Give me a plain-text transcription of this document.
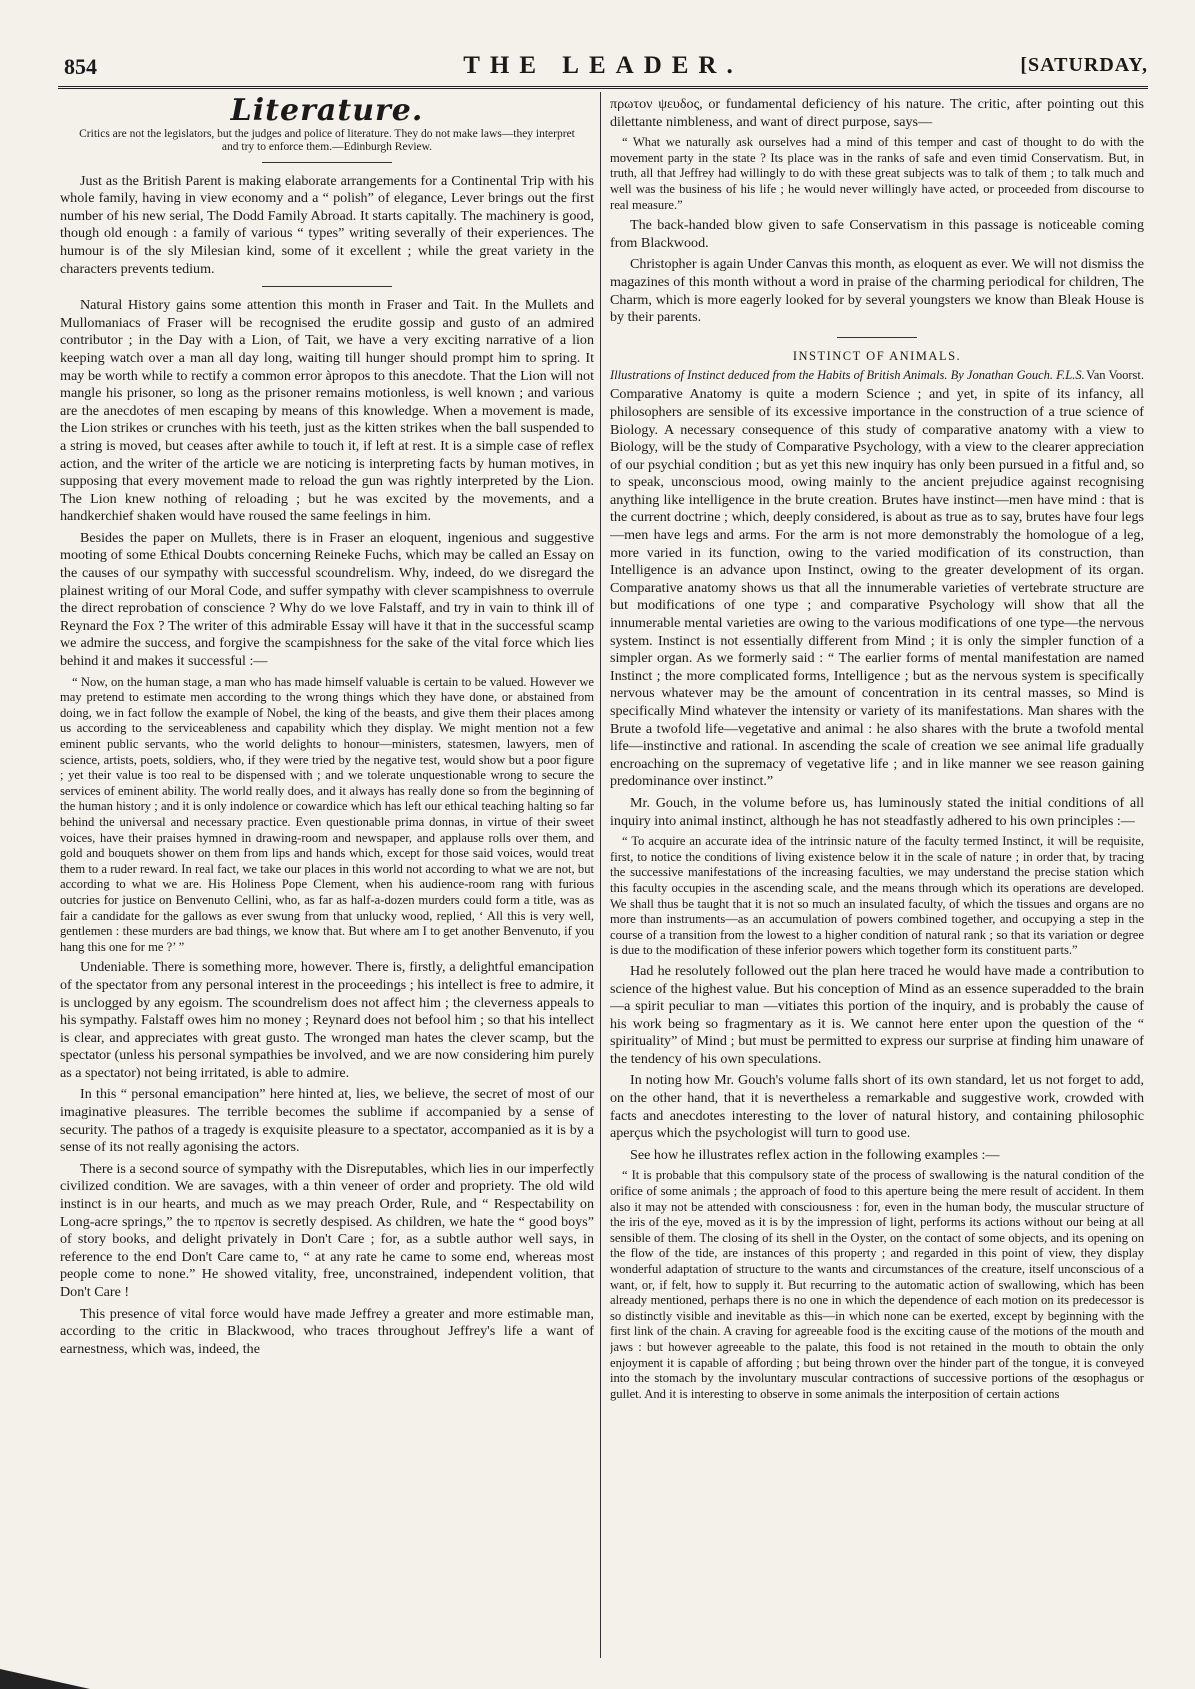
854	THE LEADER.	[SATURDAY,
Literature.
Critics are not the legislators, but the judges and police of literature. They do not make laws—they interpret and try to enforce them.—Edinburgh Review.

Just as the British Parent is making elaborate arrangements for a Continental Trip with his whole family, having in view economy and a “ polish” of elegance, Lever brings out the first number of his new serial, The Dodd Family Abroad. It starts capitally. The machinery is good, though old enough : a family of various “ types” writing severally of their experiences. The humour is of the sly Milesian kind, some of it excellent ; while the great variety in the characters prevents tedium.

Natural History gains some attention this month in Fraser and Tait. In the Mullets and Mullomaniacs of Fraser will be recognised the erudite gossip and gusto of an admired contributor ; in the Day with a Lion, of Tait, we have a very exciting narrative of a lion keeping watch over a man all day long, waiting till hunger should prompt him to spring. It may be worth while to rectify a common error àpropos to this anecdote. That the Lion will not mangle his prisoner, so long as the prisoner remains motionless, is well known ; and various are the anecdotes of men escaping by means of this knowledge. When a movement is made, the Lion strikes or crunches with his teeth, just as the kitten strikes when the ball suspended to a string is moved, but ceases after awhile to touch it, if left at rest. It is a simple case of reflex action, and the writer of the article we are noticing is interpreting facts by human motives, in supposing that every movement made to reload the gun was rightly interpreted by the Lion. The Lion knew nothing of reloading ; but he was excited by the movements, and a handkerchief shaken would have roused the same feelings in him.

Besides the paper on Mullets, there is in Fraser an eloquent, ingenious and suggestive mooting of some Ethical Doubts concerning Reineke Fuchs, which may be called an Essay on the causes of our sympathy with successful scoundrelism. Why, indeed, do we disregard the plainest writing of our Moral Code, and suffer sympathy with clever scampishness to overrule the direct reprobation of conscience ? Why do we love Falstaff, and try in vain to think ill of Reynard the Fox ? The writer of this admirable Essay will have it that in the successful scamp we admire the success, and forgive the scampishness for the sake of the vital force which lies behind it and makes it successful :—

“ Now, on the human stage, a man who has made himself valuable is certain to be valued. However we may pretend to estimate men according to the wrong things which they have done, or abstained from doing, we in fact follow the example of Nobel, the king of the beasts, and give them their places among us according to the serviceableness and capability which they display. We might mention not a few eminent public servants, who the world delights to honour—ministers, statesmen, lawyers, men of science, artists, poets, soldiers, who, if they were tried by the negative test, would show but a poor figure ; yet their value is too real to be dispensed with ; and we tolerate unquestionable wrong to secure the services of eminent ability. The world really does, and it always has really done so from the beginning of the human history ; and it is only indolence or cowardice which has left our ethical teaching halting so far behind the universal and necessary practice. Even questionable prima donnas, in virtue of their sweet voices, have their praises hymned in drawing-room and newspaper, and applause rolls over them, and gold and bouquets shower on them from lips and hands which, except for those said voices, would treat them to a ruder reward. In real fact, we take our places in this world not according to what we are not, but according to what we are. His Holiness Pope Clement, when his audience-room rang with furious outcries for justice on Benvenuto Cellini, who, as far as half-a-dozen murders could form a title, was as fair a candidate for the gallows as ever swung from that unlucky wood, replied, ‘ All this is very well, gentlemen : these murders are bad things, we know that. But where am I to get another Benvenuto, if you hang this one for me ?’ ”

Undeniable. There is something more, however. There is, firstly, a delightful emancipation of the spectator from any personal interest in the proceedings ; his intellect is free to admire, it is unclogged by any egoism. The scoundrelism does not affect him ; the cleverness appeals to his sympathy. Falstaff owes him no money ; Reynard does not befool him ; so that his intellect is clear, and appreciates with great gusto. The wronged man hates the clever scamp, but the spectator (unless his personal sympathies be involved, and we are now considering him purely as a spectator) not being irritated, is able to admire.

In this “ personal emancipation” here hinted at, lies, we believe, the secret of most of our imaginative pleasures. The terrible becomes the sublime if accompanied by a sense of security. The pathos of a tragedy is exquisite pleasure to a spectator, accompanied as it is by a sense of its not really agonising the actors.

There is a second source of sympathy with the Disreputables, which lies in our imperfectly civilized condition. We are savages, with a thin veneer of order and propriety. The old wild instinct is in our hearts, and much as we may preach Order, Rule, and “ Respectability on Long-acre springs,” the το πρεπον is secretly despised. As children, we hate the “ good boys” of story books, and delight privately in Don't Care ; for, as a subtle author well says, in reference to the end Don't Care came to, “ at any rate he came to some end, whereas most people come to none.” He showed vitality, free, unconstrained, independent volition, that Don't Care !

This presence of vital force would have made Jeffrey a greater and more estimable man, according to the critic in Blackwood, who traces throughout Jeffrey's life a want of earnestness, which was, indeed, the

πρωτον ψευδος, or fundamental deficiency of his nature. The critic, after pointing out this dilettante nimbleness, and want of direct purpose, says—

“ What we naturally ask ourselves had a mind of this temper and cast of thought to do with the movement party in the state ? Its place was in the ranks of safe and even timid Conservatism. But, in truth, all that Jeffrey had willingly to do with these great subjects was to talk of them ; to talk much and well was the business of his life ; he would never willingly have acted, or proceeded from discourse to real measure.”

The back-handed blow given to safe Conservatism in this passage is noticeable coming from Blackwood.

Christopher is again Under Canvas this month, as eloquent as ever. We will not dismiss the magazines of this month without a word in praise of the charming periodical for children, The Charm, which is more eagerly looked for by several youngsters we know than Bleak House is by their parents.

INSTINCT OF ANIMALS.
Illustrations of Instinct deduced from the Habits of British Animals. By Jonathan Gouch. F.L.S. Van Voorst.

Comparative Anatomy is quite a modern Science ; and yet, in spite of its infancy, all philosophers are sensible of its excessive importance in the construction of a true science of Biology. A necessary consequence of this study of comparative anatomy with a view to Biology, will be the study of Comparative Psychology, with a view to the clearer appreciation of our psychial condition ; but as yet this new inquiry has only been pursued in a fitful and, so to speak, unconscious mood, owing mainly to the ancient prejudice against recognising anything like intelligence in the brute creation. Brutes have instinct—men have mind : that is the current doctrine ; which, deeply considered, is about as true as to say, brutes have four legs —men have legs and arms. For the arm is not more demonstrably the homologue of a leg, more varied in its function, owing to the varied modification of its construction, than Intelligence is an advance upon Instinct, owing to the greater development of its organ. Comparative anatomy shows us that all the innumerable varieties of vertebrate structure are but modifications of one type ; and comparative Psychology will show that all the innumerable mental varieties are owing to the various modifications of one type—the nervous system. Instinct is not essentially different from Mind ; it is only the simpler function of a simpler organ. As we formerly said : “ The earlier forms of mental manifestation are named Instinct ; the more complicated forms, Intelligence ; but as the nervous system is specifically nervous whatever may be the amount of concentration in its central masses, so Mind is specifically Mind whatever the intensity or variety of its manifestations. Man shares with the Brute a twofold life—vegetative and animal : he also shares with the brute a twofold mental life—instinctive and rational. In ascending the scale of creation we see animal life gradually encroaching on the supremacy of vegetative life ; and in like manner we see reason gaining predominance over instinct.”

Mr. Gouch, in the volume before us, has luminously stated the initial conditions of all inquiry into animal instinct, although he has not steadfastly adhered to his own principles :—

“ To acquire an accurate idea of the intrinsic nature of the faculty termed Instinct, it will be requisite, first, to notice the conditions of living existence below it in the scale of nature ; in order that, by tracing the successive manifestations of the increasing faculties, we may understand the precise station which this faculty occupies in the ascending scale, and the means through which its operations are developed. We shall thus be taught that it is not so much an insulated faculty, of which the tissues and organs are no more than instruments—as an accumulation of powers combined together, and occupying a step in the course of a transition from the lowest to a higher condition of natural rank ; so that its variation or degree is due to the modification of these inferior powers which together form its constituent parts.”

Had he resolutely followed out the plan here traced he would have made a contribution to science of the highest value. But his conception of Mind as an essence superadded to the brain—a spirit peculiar to man —vitiates this portion of the inquiry, and is probably the cause of his work being so fragmentary as it is. We cannot here enter upon the question of the “ spirituality” of Mind ; but must be permitted to express our surprise at finding him unaware of the tendency of his own speculations.

In noting how Mr. Gouch's volume falls short of its own standard, let us not forget to add, on the other hand, that it is nevertheless a remarkable and suggestive work, crowded with facts and anecdotes interesting to the lover of natural history, and containing philosophic aperçus which the psychologist will turn to good use.

See how he illustrates reflex action in the following examples :—

“ It is probable that this compulsory state of the process of swallowing is the natural condition of the orifice of some animals ; the approach of food to this aperture being the mere result of accident. In them also it may not be attended with consciousness : for, even in the human body, the muscular structure of the iris of the eye, moved as it is by the impression of light, performs its actions without our being at all sensible of them. The closing of its shell in the Oyster, on the contact of some objects, and its opening on the flow of the tide, are instances of this property ; and regarded in this point of view, they display wonderful adaptation of structure to the wants and circumstances of the creature, itself unconscious of a want, or, if felt, how to supply it. But recurring to the automatic action of swallowing, which has been already mentioned, perhaps there is no one in which the dependence of each motion on its predecessor is so distinctly visible and inevitable as this—in which none can be exerted, except by beginning with the first link of the chain. A craving for agreeable food is the exciting cause of the motions of the mouth and jaws : but however agreeable to the palate, this food is not retained in the mouth to obtain the only enjoyment it is capable of affording ; but being thrown over the hinder part of the tongue, it is conveyed into the stomach by the involuntary muscular contractions of successive portions of the œsophagus or gullet. And it is interesting to observe in some animals the interposition of certain actions
